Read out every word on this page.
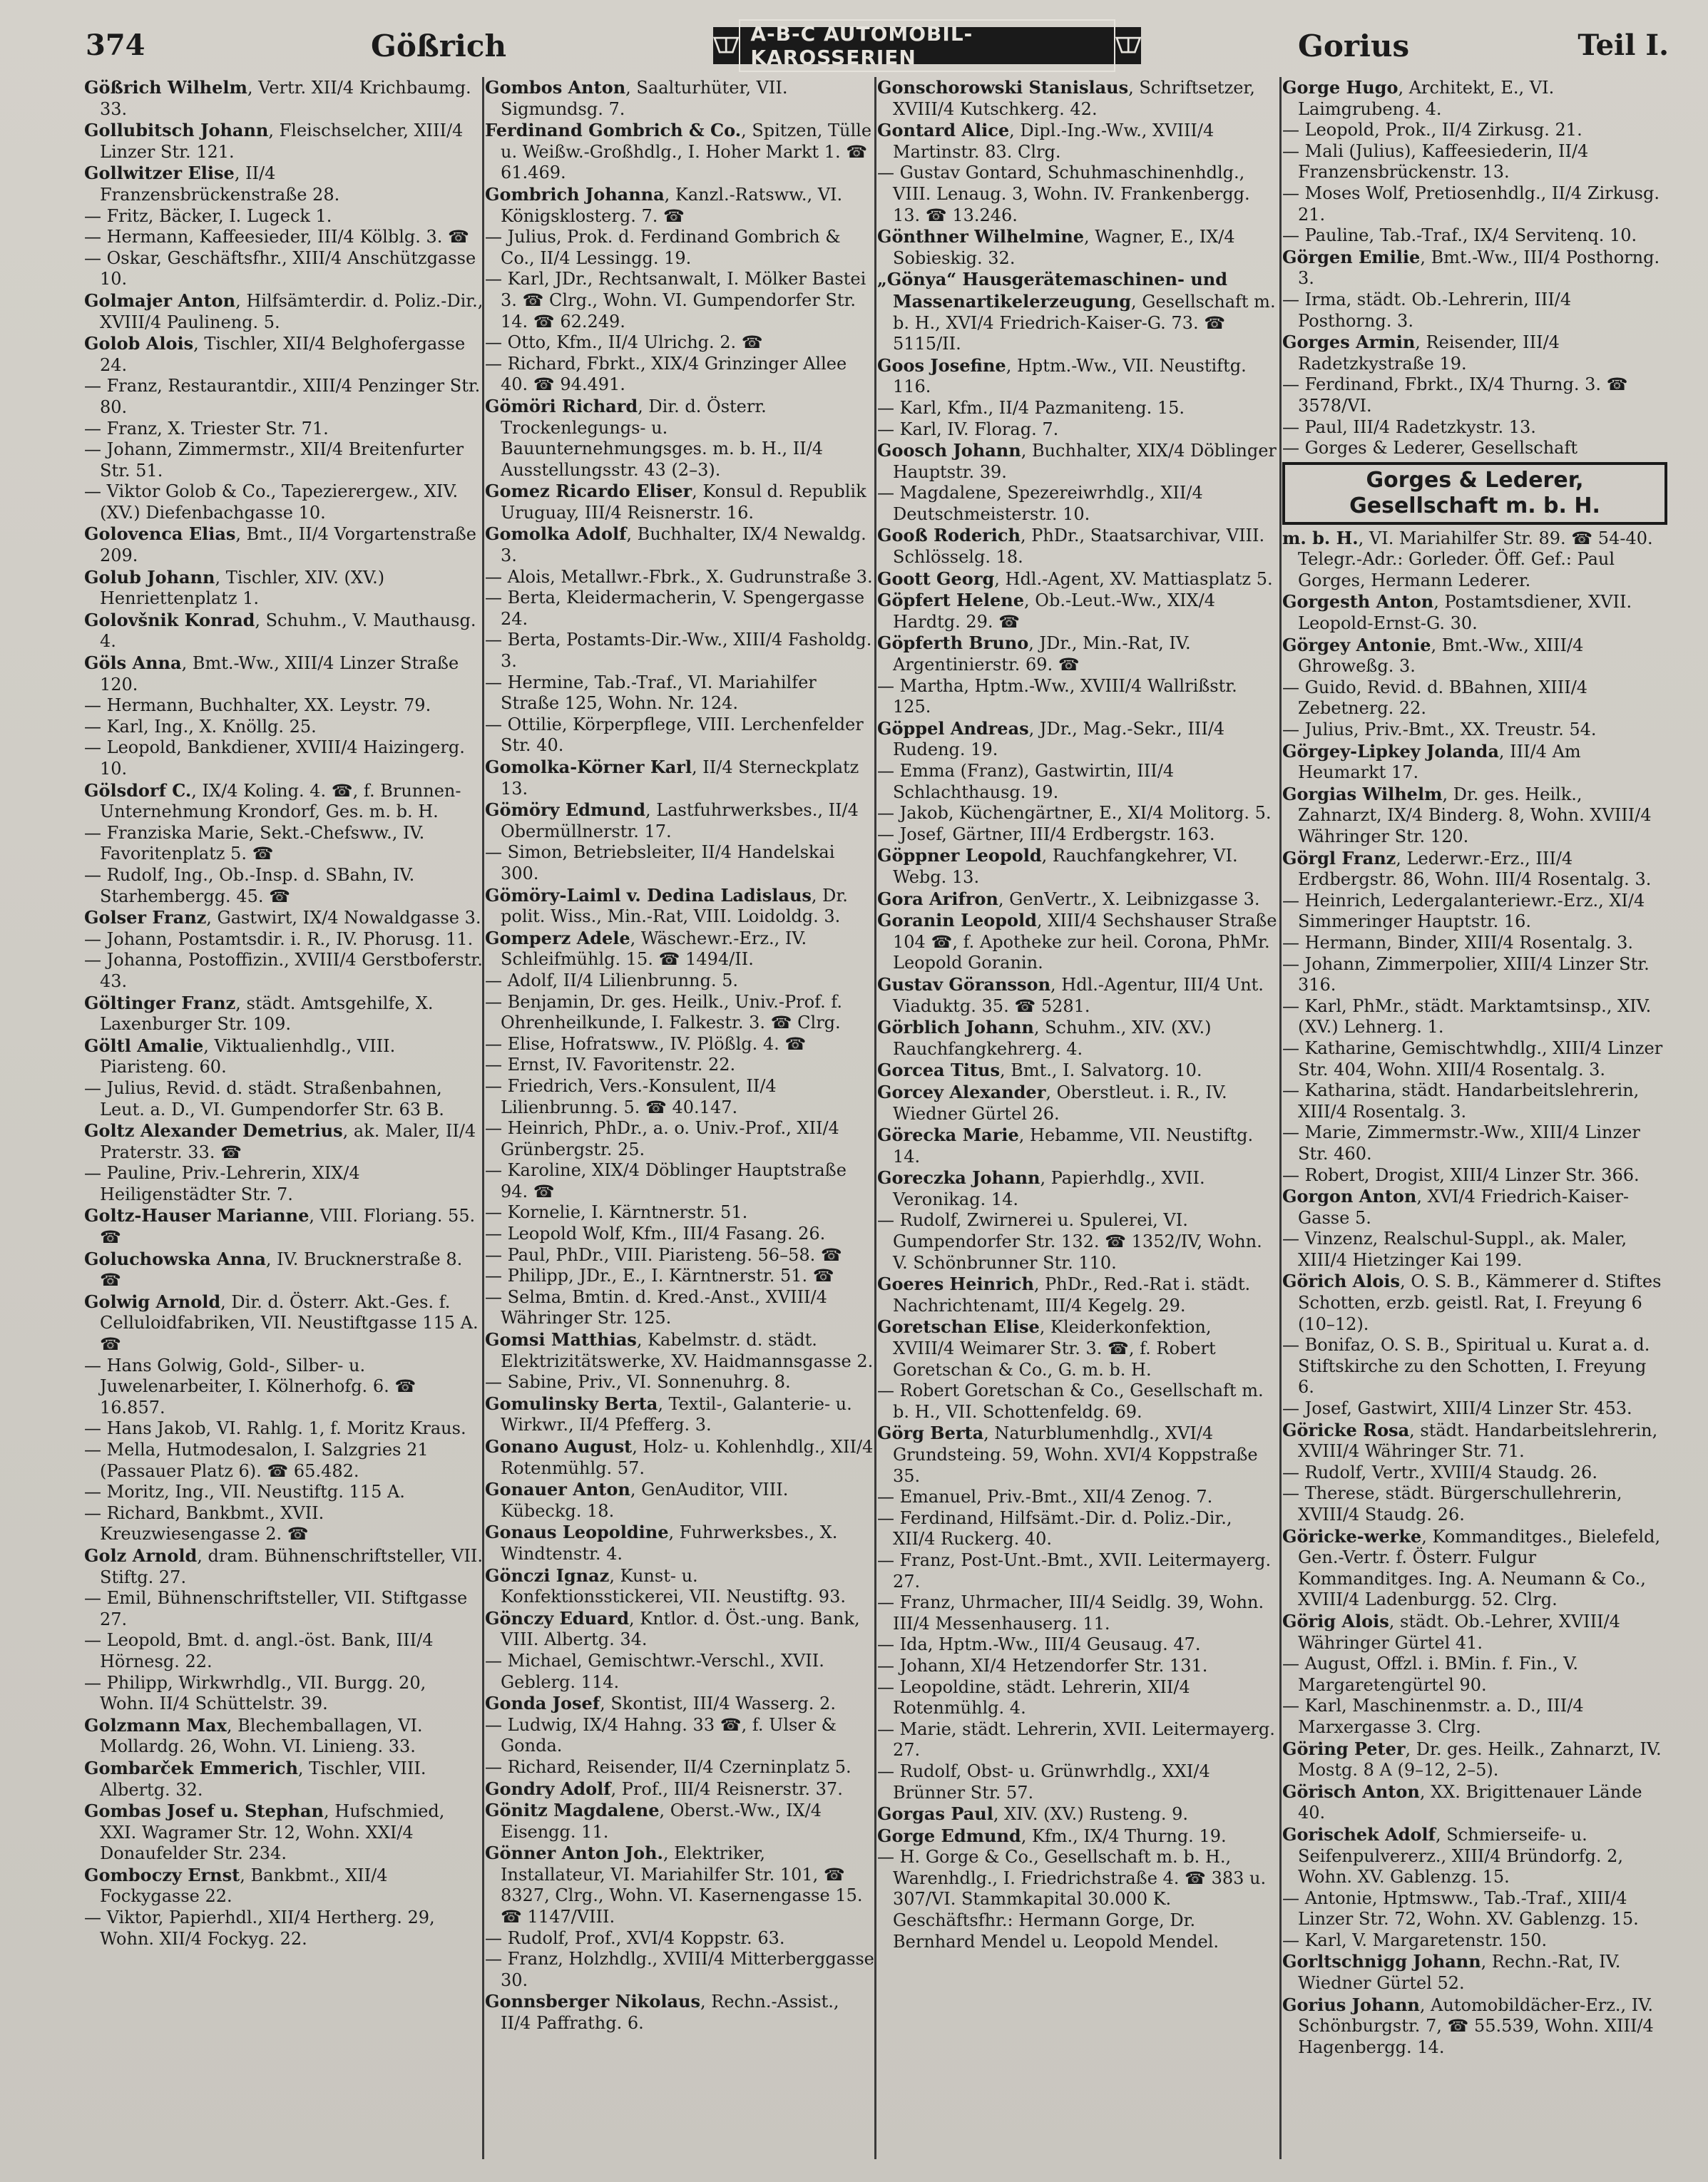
374	Gößrich	A-B-C AUTOMOBIL-KAROSSERIEN	Gorius	Teil I.
Gößrich Wilhelm, Vertr. XII/4 Krichbaumg. 33.
Gollubitsch Johann, Fleischselcher, XIII/4 Linzer Str. 121.
Gollwitzer Elise, II/4 Franzensbrückenstraße 28.
— Fritz, Bäcker, I. Lugeck 1.
— Hermann, Kaffeesieder, III/4 Kölblg. 3. ☎
— Oskar, Geschäftsfhr., XIII/4 Anschützgasse 10.
Golmajer Anton, Hilfsämterdir. d. Poliz.-Dir., XVIII/4 Paulineng. 5.
Golob Alois, Tischler, XII/4 Belghofergasse 24.
— Franz, Restaurantdir., XIII/4 Penzinger Str. 80.
— Franz, X. Triester Str. 71.
— Johann, Zimmermstr., XII/4 Breitenfurter Str. 51.
— Viktor Golob & Co., Tapezierergew., XIV. (XV.) Diefenbachgasse 10.
Golovenca Elias, Bmt., II/4 Vorgartenstraße 209.
Golub Johann, Tischler, XIV. (XV.) Henriettenplatz 1.
Golovšnik Konrad, Schuhm., V. Mauthausg. 4.
Göls Anna, Bmt.-Ww., XIII/4 Linzer Straße 120.
— Hermann, Buchhalter, XX. Leystr. 79.
— Karl, Ing., X. Knöllg. 25.
— Leopold, Bankdiener, XVIII/4 Haizingerg. 10.
Gölsdorf C., IX/4 Koling. 4. ☎, f. Brunnen-Unternehmung Krondorf, Ges. m. b. H.
— Franziska Marie, Sekt.-Chefsww., IV. Favoritenplatz 5. ☎
— Rudolf, Ing., Ob.-Insp. d. SBahn, IV. Starhembergg. 45. ☎
Golser Franz, Gastwirt, IX/4 Nowaldgasse 3.
— Johann, Postamtsdir. i. R., IV. Phorusg. 11.
— Johanna, Postoffizin., XVIII/4 Gerstboferstr. 43.
Göltinger Franz, städt. Amtsgehilfe, X. Laxenburger Str. 109.
Göltl Amalie, Viktualienhdlg., VIII. Piaristeng. 60.
— Julius, Revid. d. städt. Straßenbahnen, Leut. a. D., VI. Gumpendorfer Str. 63 B.
Goltz Alexander Demetrius, ak. Maler, II/4 Praterstr. 33. ☎
— Pauline, Priv.-Lehrerin, XIX/4 Heiligenstädter Str. 7.
Goltz-Hauser Marianne, VIII. Floriang. 55. ☎
Goluchowska Anna, IV. Brucknerstraße 8. ☎
Golwig Arnold, Dir. d. Österr. Akt.-Ges. f. Celluloidfabriken, VII. Neustiftgasse 115 A. ☎
— Hans Golwig, Gold-, Silber- u. Juwelenarbeiter, I. Kölnerhofg. 6. ☎ 16.857.
— Hans Jakob, VI. Rahlg. 1, f. Moritz Kraus.
— Mella, Hutmodesalon, I. Salzgries 21 (Passauer Platz 6). ☎ 65.482.
— Moritz, Ing., VII. Neustiftg. 115 A.
— Richard, Bankbmt., XVII. Kreuzwiesengasse 2. ☎
Golz Arnold, dram. Bühnenschriftsteller, VII. Stiftg. 27.
— Emil, Bühnenschriftsteller, VII. Stiftgasse 27.
— Leopold, Bmt. d. angl.-öst. Bank, III/4 Hörnesg. 22.
— Philipp, Wirkwrhdlg., VII. Burgg. 20, Wohn. II/4 Schüttelstr. 39.
Golzmann Max, Blechemballagen, VI. Mollardg. 26, Wohn. VI. Linieng. 33.
Gombarček Emmerich, Tischler, VIII. Albertg. 32.
Gombas Josef u. Stephan, Hufschmied, XXI. Wagramer Str. 12, Wohn. XXI/4 Donaufelder Str. 234.
Gomboczy Ernst, Bankbmt., XII/4 Fockygasse 22.
— Viktor, Papierhdl., XII/4 Hertherg. 29, Wohn. XII/4 Fockyg. 22.
Gombos Anton, Saalturhüter, VII. Sigmundsg. 7.
Ferdinand Gombrich & Co., Spitzen, Tülle u. Weißw.-Großhdlg., I. Hoher Markt 1. ☎ 61.469.
Gombrich Johanna, Kanzl.-Ratsww., VI. Königsklosterg. 7. ☎
— Julius, Prok. d. Ferdinand Gombrich & Co., II/4 Lessingg. 19.
— Karl, JDr., Rechtsanwalt, I. Mölker Bastei 3. ☎ Clrg., Wohn. VI. Gumpendorfer Str. 14. ☎ 62.249.
— Otto, Kfm., II/4 Ulrichg. 2. ☎
— Richard, Fbrkt., XIX/4 Grinzinger Allee 40. ☎ 94.491.
Gömöri Richard, Dir. d. Österr. Trockenlegungs- u. Bauunternehmungsges. m. b. H., II/4 Ausstellungsstr. 43 (2–3).
Gomez Ricardo Eliser, Konsul d. Republik Uruguay, III/4 Reisnerstr. 16.
Gomolka Adolf, Buchhalter, IX/4 Newaldg. 3.
— Alois, Metallwr.-Fbrk., X. Gudrunstraße 3.
— Berta, Kleidermacherin, V. Spengergasse 24.
— Berta, Postamts-Dir.-Ww., XIII/4 Fasholdg. 3.
— Hermine, Tab.-Traf., VI. Mariahilfer Straße 125, Wohn. Nr. 124.
— Ottilie, Körperpflege, VIII. Lerchenfelder Str. 40.
Gomolka-Körner Karl, II/4 Sterneckplatz 13.
Gömöry Edmund, Lastfuhrwerksbes., II/4 Obermüllnerstr. 17.
— Simon, Betriebsleiter, II/4 Handelskai 300.
Gömöry-Laiml v. Dedina Ladislaus, Dr. polit. Wiss., Min.-Rat, VIII. Loidoldg. 3.
Gomperz Adele, Wäschewr.-Erz., IV. Schleifmühlg. 15. ☎ 1494/II.
— Adolf, II/4 Lilienbrunng. 5.
— Benjamin, Dr. ges. Heilk., Univ.-Prof. f. Ohrenheilkunde, I. Falkestr. 3. ☎ Clrg.
— Elise, Hofratsww., IV. Plößlg. 4. ☎
— Ernst, IV. Favoritenstr. 22.
— Friedrich, Vers.-Konsulent, II/4 Lilienbrunng. 5. ☎ 40.147.
— Heinrich, PhDr., a. o. Univ.-Prof., XII/4 Grünbergstr. 25.
— Karoline, XIX/4 Döblinger Hauptstraße 94. ☎
— Kornelie, I. Kärntnerstr. 51.
— Leopold Wolf, Kfm., III/4 Fasang. 26.
— Paul, PhDr., VIII. Piaristeng. 56–58. ☎
— Philipp, JDr., E., I. Kärntnerstr. 51. ☎
— Selma, Bmtin. d. Kred.-Anst., XVIII/4 Währinger Str. 125.
Gomsi Matthias, Kabelmstr. d. städt. Elektrizitätswerke, XV. Haidmannsgasse 2.
— Sabine, Priv., VI. Sonnenuhrg. 8.
Gomulinsky Berta, Textil-, Galanterie- u. Wirkwr., II/4 Pfefferg. 3.
Gonano August, Holz- u. Kohlenhdlg., XII/4 Rotenmühlg. 57.
Gonauer Anton, GenAuditor, VIII. Kübeckg. 18.
Gonaus Leopoldine, Fuhrwerksbes., X. Windtenstr. 4.
Gönczi Ignaz, Kunst- u. Konfektionsstickerei, VII. Neustiftg. 93.
Gönczy Eduard, Kntlor. d. Öst.-ung. Bank, VIII. Albertg. 34.
— Michael, Gemischtwr.-Verschl., XVII. Geblerg. 114.
Gonda Josef, Skontist, III/4 Wasserg. 2.
— Ludwig, IX/4 Hahng. 33 ☎, f. Ulser & Gonda.
— Richard, Reisender, II/4 Czerninplatz 5.
Gondry Adolf, Prof., III/4 Reisnerstr. 37.
Gönitz Magdalene, Oberst.-Ww., IX/4 Eisengg. 11.
Gönner Anton Joh., Elektriker, Installateur, VI. Mariahilfer Str. 101, ☎ 8327, Clrg., Wohn. VI. Kasernengasse 15. ☎ 1147/VIII.
— Rudolf, Prof., XVI/4 Koppstr. 63.
— Franz, Holzhdlg., XVIII/4 Mitterberggasse 30.
Gonnsberger Nikolaus, Rechn.-Assist., II/4 Paffrathg. 6.
Gonschorowski Stanislaus, Schriftsetzer, XVIII/4 Kutschkerg. 42.
Gontard Alice, Dipl.-Ing.-Ww., XVIII/4 Martinstr. 83. Clrg.
— Gustav Gontard, Schuhmaschinenhdlg., VIII. Lenaug. 3, Wohn. IV. Frankenbergg. 13. ☎ 13.246.
Gönthner Wilhelmine, Wagner, E., IX/4 Sobieskig. 32.
„Gönya“ Hausgerätemaschinen- und Massenartikelerzeugung, Gesellschaft m. b. H., XVI/4 Friedrich-Kaiser-G. 73. ☎ 5115/II.
Goos Josefine, Hptm.-Ww., VII. Neustiftg. 116.
— Karl, Kfm., II/4 Pazmaniteng. 15.
— Karl, IV. Florag. 7.
Goosch Johann, Buchhalter, XIX/4 Döblinger Hauptstr. 39.
— Magdalene, Spezereiwrhdlg., XII/4 Deutschmeisterstr. 10.
Gooß Roderich, PhDr., Staatsarchivar, VIII. Schlösselg. 18.
Goott Georg, Hdl.-Agent, XV. Mattiasplatz 5.
Göpfert Helene, Ob.-Leut.-Ww., XIX/4 Hardtg. 29. ☎
Göpferth Bruno, JDr., Min.-Rat, IV. Argentinierstr. 69. ☎
— Martha, Hptm.-Ww., XVIII/4 Wallrißstr. 125.
Göppel Andreas, JDr., Mag.-Sekr., III/4 Rudeng. 19.
— Emma (Franz), Gastwirtin, III/4 Schlachthausg. 19.
— Jakob, Küchengärtner, E., XI/4 Molitorg. 5.
— Josef, Gärtner, III/4 Erdbergstr. 163.
Göppner Leopold, Rauchfangkehrer, VI. Webg. 13.
Gora Arifron, GenVertr., X. Leibnizgasse 3.
Goranin Leopold, XIII/4 Sechshauser Straße 104 ☎, f. Apotheke zur heil. Corona, PhMr. Leopold Goranin.
Gustav Göransson, Hdl.-Agentur, III/4 Unt. Viaduktg. 35. ☎ 5281.
Görblich Johann, Schuhm., XIV. (XV.) Rauchfangkehrerg. 4.
Gorcea Titus, Bmt., I. Salvatorg. 10.
Gorcey Alexander, Oberstleut. i. R., IV. Wiedner Gürtel 26.
Görecka Marie, Hebamme, VII. Neustiftg. 14.
Goreczka Johann, Papierhdlg., XVII. Veronikag. 14.
— Rudolf, Zwirnerei u. Spulerei, VI. Gumpendorfer Str. 132. ☎ 1352/IV, Wohn. V. Schönbrunner Str. 110.
Goeres Heinrich, PhDr., Red.-Rat i. städt. Nachrichtenamt, III/4 Kegelg. 29.
Goretschan Elise, Kleiderkonfektion, XVIII/4 Weimarer Str. 3. ☎, f. Robert Goretschan & Co., G. m. b. H.
— Robert Goretschan & Co., Gesellschaft m. b. H., VII. Schottenfeldg. 69.
Görg Berta, Naturblumenhdlg., XVI/4 Grundsteing. 59, Wohn. XVI/4 Koppstraße 35.
— Emanuel, Priv.-Bmt., XII/4 Zenog. 7.
— Ferdinand, Hilfsämt.-Dir. d. Poliz.-Dir., XII/4 Ruckerg. 40.
— Franz, Post-Unt.-Bmt., XVII. Leitermayerg. 27.
— Franz, Uhrmacher, III/4 Seidlg. 39, Wohn. III/4 Messenhauserg. 11.
— Ida, Hptm.-Ww., III/4 Geusaug. 47.
— Johann, XI/4 Hetzendorfer Str. 131.
— Leopoldine, städt. Lehrerin, XII/4 Rotenmühlg. 4.
— Marie, städt. Lehrerin, XVII. Leitermayerg. 27.
— Rudolf, Obst- u. Grünwrhdlg., XXI/4 Brünner Str. 57.
Gorgas Paul, XIV. (XV.) Rusteng. 9.
Gorge Edmund, Kfm., IX/4 Thurng. 19.
— H. Gorge & Co., Gesellschaft m. b. H., Warenhdlg., I. Friedrichstraße 4. ☎ 383 u. 307/VI. Stammkapital 30.000 K. Geschäftsfhr.: Hermann Gorge, Dr. Bernhard Mendel u. Leopold Mendel.
Gorge Hugo, Architekt, E., VI. Laimgrubeng. 4.
— Leopold, Prok., II/4 Zirkusg. 21.
— Mali (Julius), Kaffeesiederin, II/4 Franzensbrückenstr. 13.
— Moses Wolf, Pretiosenhdlg., II/4 Zirkusg. 21.
— Pauline, Tab.-Traf., IX/4 Servitenq. 10.
Görgen Emilie, Bmt.-Ww., III/4 Posthorng. 3.
— Irma, städt. Ob.-Lehrerin, III/4 Posthorng. 3.
Gorges Armin, Reisender, III/4 Radetzkystraße 19.
— Ferdinand, Fbrkt., IX/4 Thurng. 3. ☎ 3578/VI.
— Paul, III/4 Radetzkystr. 13.
— Gorges & Lederer, Gesellschaft
Gorges & Lederer, Gesellschaft m. b. H.
m. b. H., VI. Mariahilfer Str. 89. ☎ 54-40. Telegr.-Adr.: Gorleder. Öff. Gef.: Paul Gorges, Hermann Lederer.
Gorgesth Anton, Postamtsdiener, XVII. Leopold-Ernst-G. 30.
Görgey Antonie, Bmt.-Ww., XIII/4 Ghroweßg. 3.
— Guido, Revid. d. BBahnen, XIII/4 Zebetnerg. 22.
— Julius, Priv.-Bmt., XX. Treustr. 54.
Görgey-Lipkey Jolanda, III/4 Am Heumarkt 17.
Gorgias Wilhelm, Dr. ges. Heilk., Zahnarzt, IX/4 Binderg. 8, Wohn. XVIII/4 Währinger Str. 120.
Görgl Franz, Lederwr.-Erz., III/4 Erdbergstr. 86, Wohn. III/4 Rosentalg. 3.
— Heinrich, Ledergalanteriewr.-Erz., XI/4 Simmeringer Hauptstr. 16.
— Hermann, Binder, XIII/4 Rosentalg. 3.
— Johann, Zimmerpolier, XIII/4 Linzer Str. 316.
— Karl, PhMr., städt. Marktamtsinsp., XIV. (XV.) Lehnerg. 1.
— Katharine, Gemischtwhdlg., XIII/4 Linzer Str. 404, Wohn. XIII/4 Rosentalg. 3.
— Katharina, städt. Handarbeitslehrerin, XIII/4 Rosentalg. 3.
— Marie, Zimmermstr.-Ww., XIII/4 Linzer Str. 460.
— Robert, Drogist, XIII/4 Linzer Str. 366.
Gorgon Anton, XVI/4 Friedrich-Kaiser-Gasse 5.
— Vinzenz, Realschul-Suppl., ak. Maler, XIII/4 Hietzinger Kai 199.
Görich Alois, O. S. B., Kämmerer d. Stiftes Schotten, erzb. geistl. Rat, I. Freyung 6 (10–12).
— Bonifaz, O. S. B., Spiritual u. Kurat a. d. Stiftskirche zu den Schotten, I. Freyung 6.
— Josef, Gastwirt, XIII/4 Linzer Str. 453.
Göricke Rosa, städt. Handarbeitslehrerin, XVIII/4 Währinger Str. 71.
— Rudolf, Vertr., XVIII/4 Staudg. 26.
— Therese, städt. Bürgerschullehrerin, XVIII/4 Staudg. 26.
Göricke-werke, Kommanditges., Bielefeld, Gen.-Vertr. f. Österr. Fulgur Kommanditges. Ing. A. Neumann & Co., XVIII/4 Ladenburgg. 52. Clrg.
Görig Alois, städt. Ob.-Lehrer, XVIII/4 Währinger Gürtel 41.
— August, Offzl. i. BMin. f. Fin., V. Margaretengürtel 90.
— Karl, Maschinenmstr. a. D., III/4 Marxergasse 3. Clrg.
Göring Peter, Dr. ges. Heilk., Zahnarzt, IV. Mostg. 8 A (9–12, 2–5).
Görisch Anton, XX. Brigittenauer Lände 40.
Gorischek Adolf, Schmierseife- u. Seifenpulvererz., XIII/4 Bründorfg. 2, Wohn. XV. Gablenzg. 15.
— Antonie, Hptmsww., Tab.-Traf., XIII/4 Linzer Str. 72, Wohn. XV. Gablenzg. 15.
— Karl, V. Margaretenstr. 150.
Gorltschnigg Johann, Rechn.-Rat, IV. Wiedner Gürtel 52.
Gorius Johann, Automobildächer-Erz., IV. Schönburgstr. 7, ☎ 55.539, Wohn. XIII/4 Hagenbergg. 14.
